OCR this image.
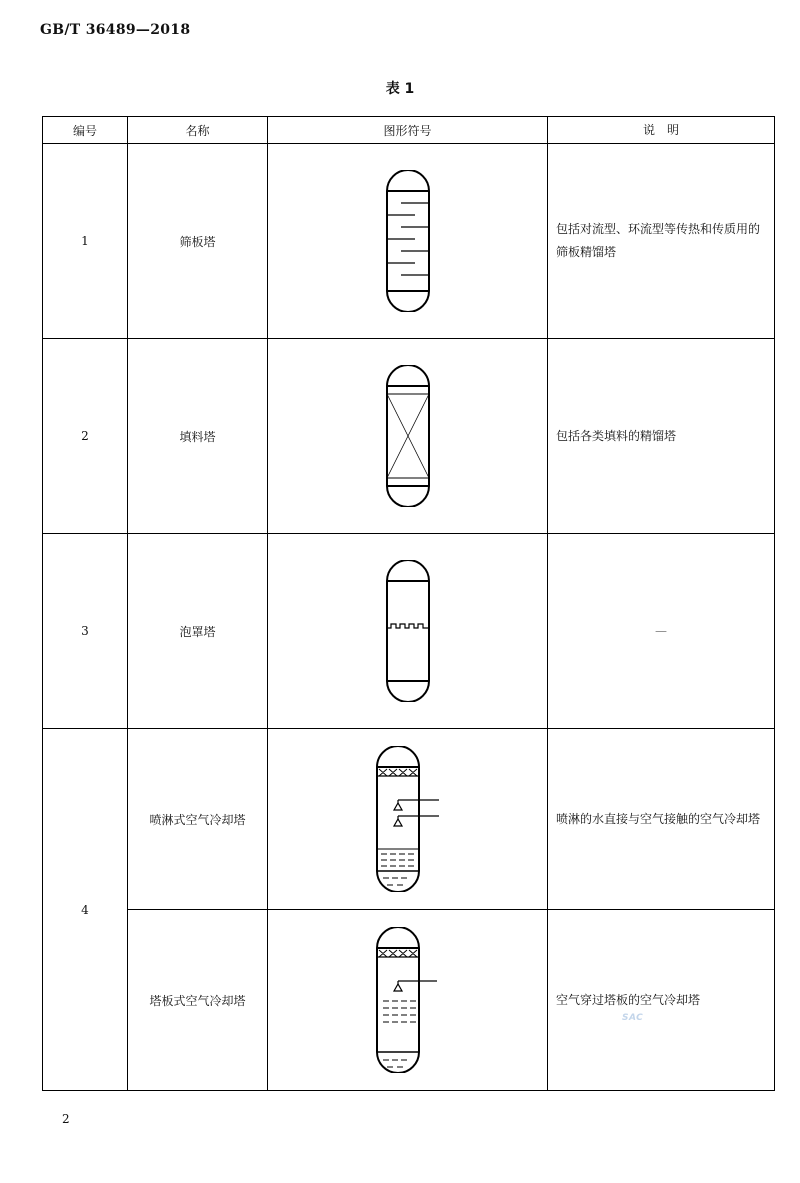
GB/T 36489—2018
表 1
编号	名称	图形符号	说　明
1	筛板塔		包括对流型、环流型等传热和传质用的筛板精馏塔
2	填料塔		包括各类填料的精馏塔
3	泡罩塔		—
4	喷淋式空气冷却塔		喷淋的水直接与空气接触的空气冷却塔
	塔板式空气冷却塔		空气穿过塔板的空气冷却塔
SAC
2
